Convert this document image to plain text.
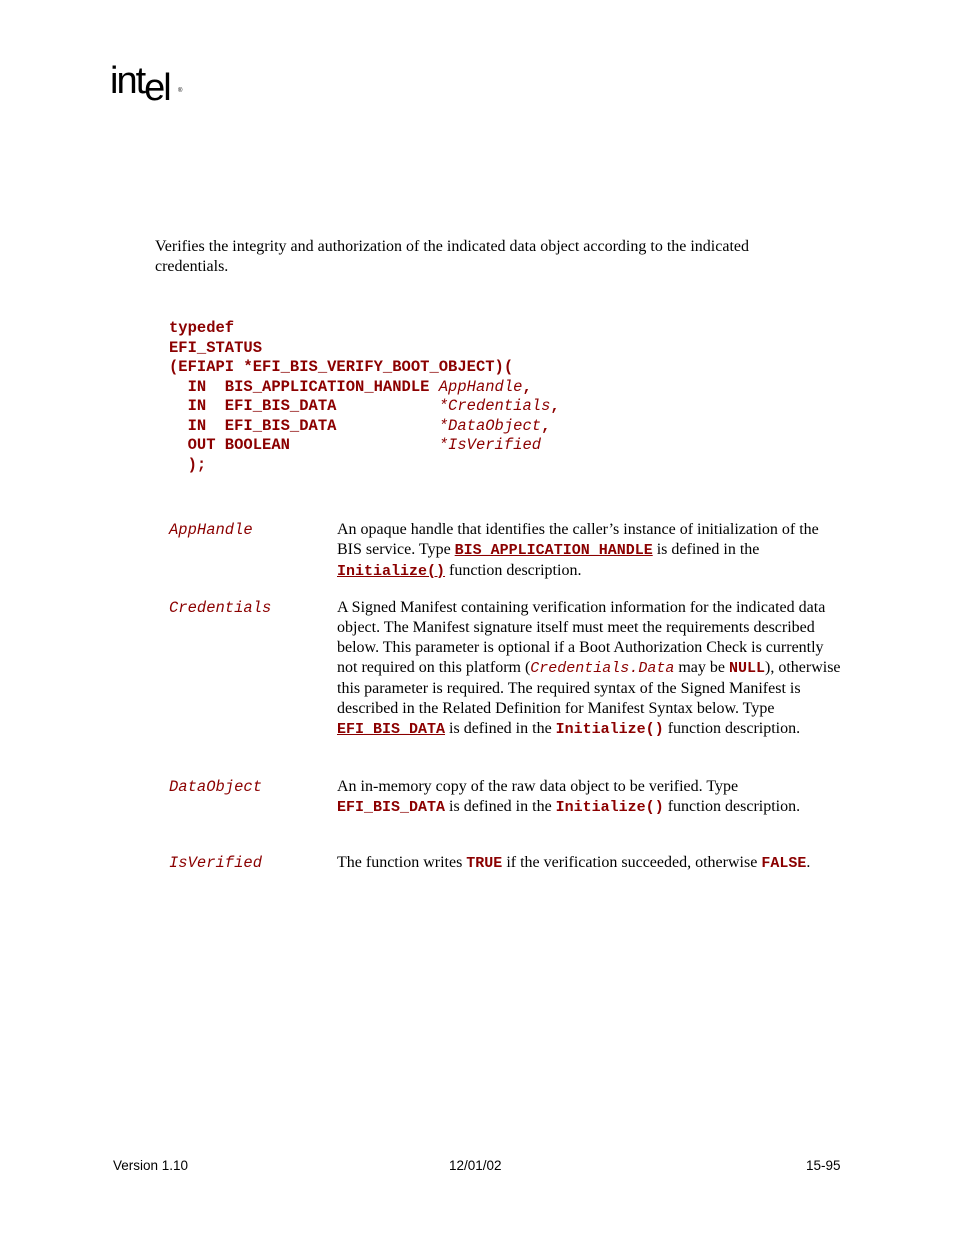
intel ®
Verifies the integrity and authorization of the indicated data object according to the indicated credentials.
typedef
EFI_STATUS
(EFIAPI *EFI_BIS_VERIFY_BOOT_OBJECT)(
IN  BIS_APPLICATION_HANDLE AppHandle,
IN  EFI_BIS_DATA           *Credentials,
IN  EFI_BIS_DATA           *DataObject,
OUT BOOLEAN                *IsVerified
);
AppHandle	An opaque handle that identifies the caller’s instance of initialization of the BIS service. Type BIS_APPLICATION_HANDLE is defined in the Initialize() function description.
Credentials	A Signed Manifest containing verification information for the indicated data object. The Manifest signature itself must meet the requirements described below. This parameter is optional if a Boot Authorization Check is currently not required on this platform (Credentials.Data may be NULL), otherwise this parameter is required. The required syntax of the Signed Manifest is described in the Related Definition for Manifest Syntax below. Type EFI_BIS_DATA is defined in the Initialize() function description.
DataObject	An in-memory copy of the raw data object to be verified. Type EFI_BIS_DATA is defined in the Initialize() function description.
IsVerified	The function writes TRUE if the verification succeeded, otherwise FALSE.
Version 1.10	12/01/02	15-95
